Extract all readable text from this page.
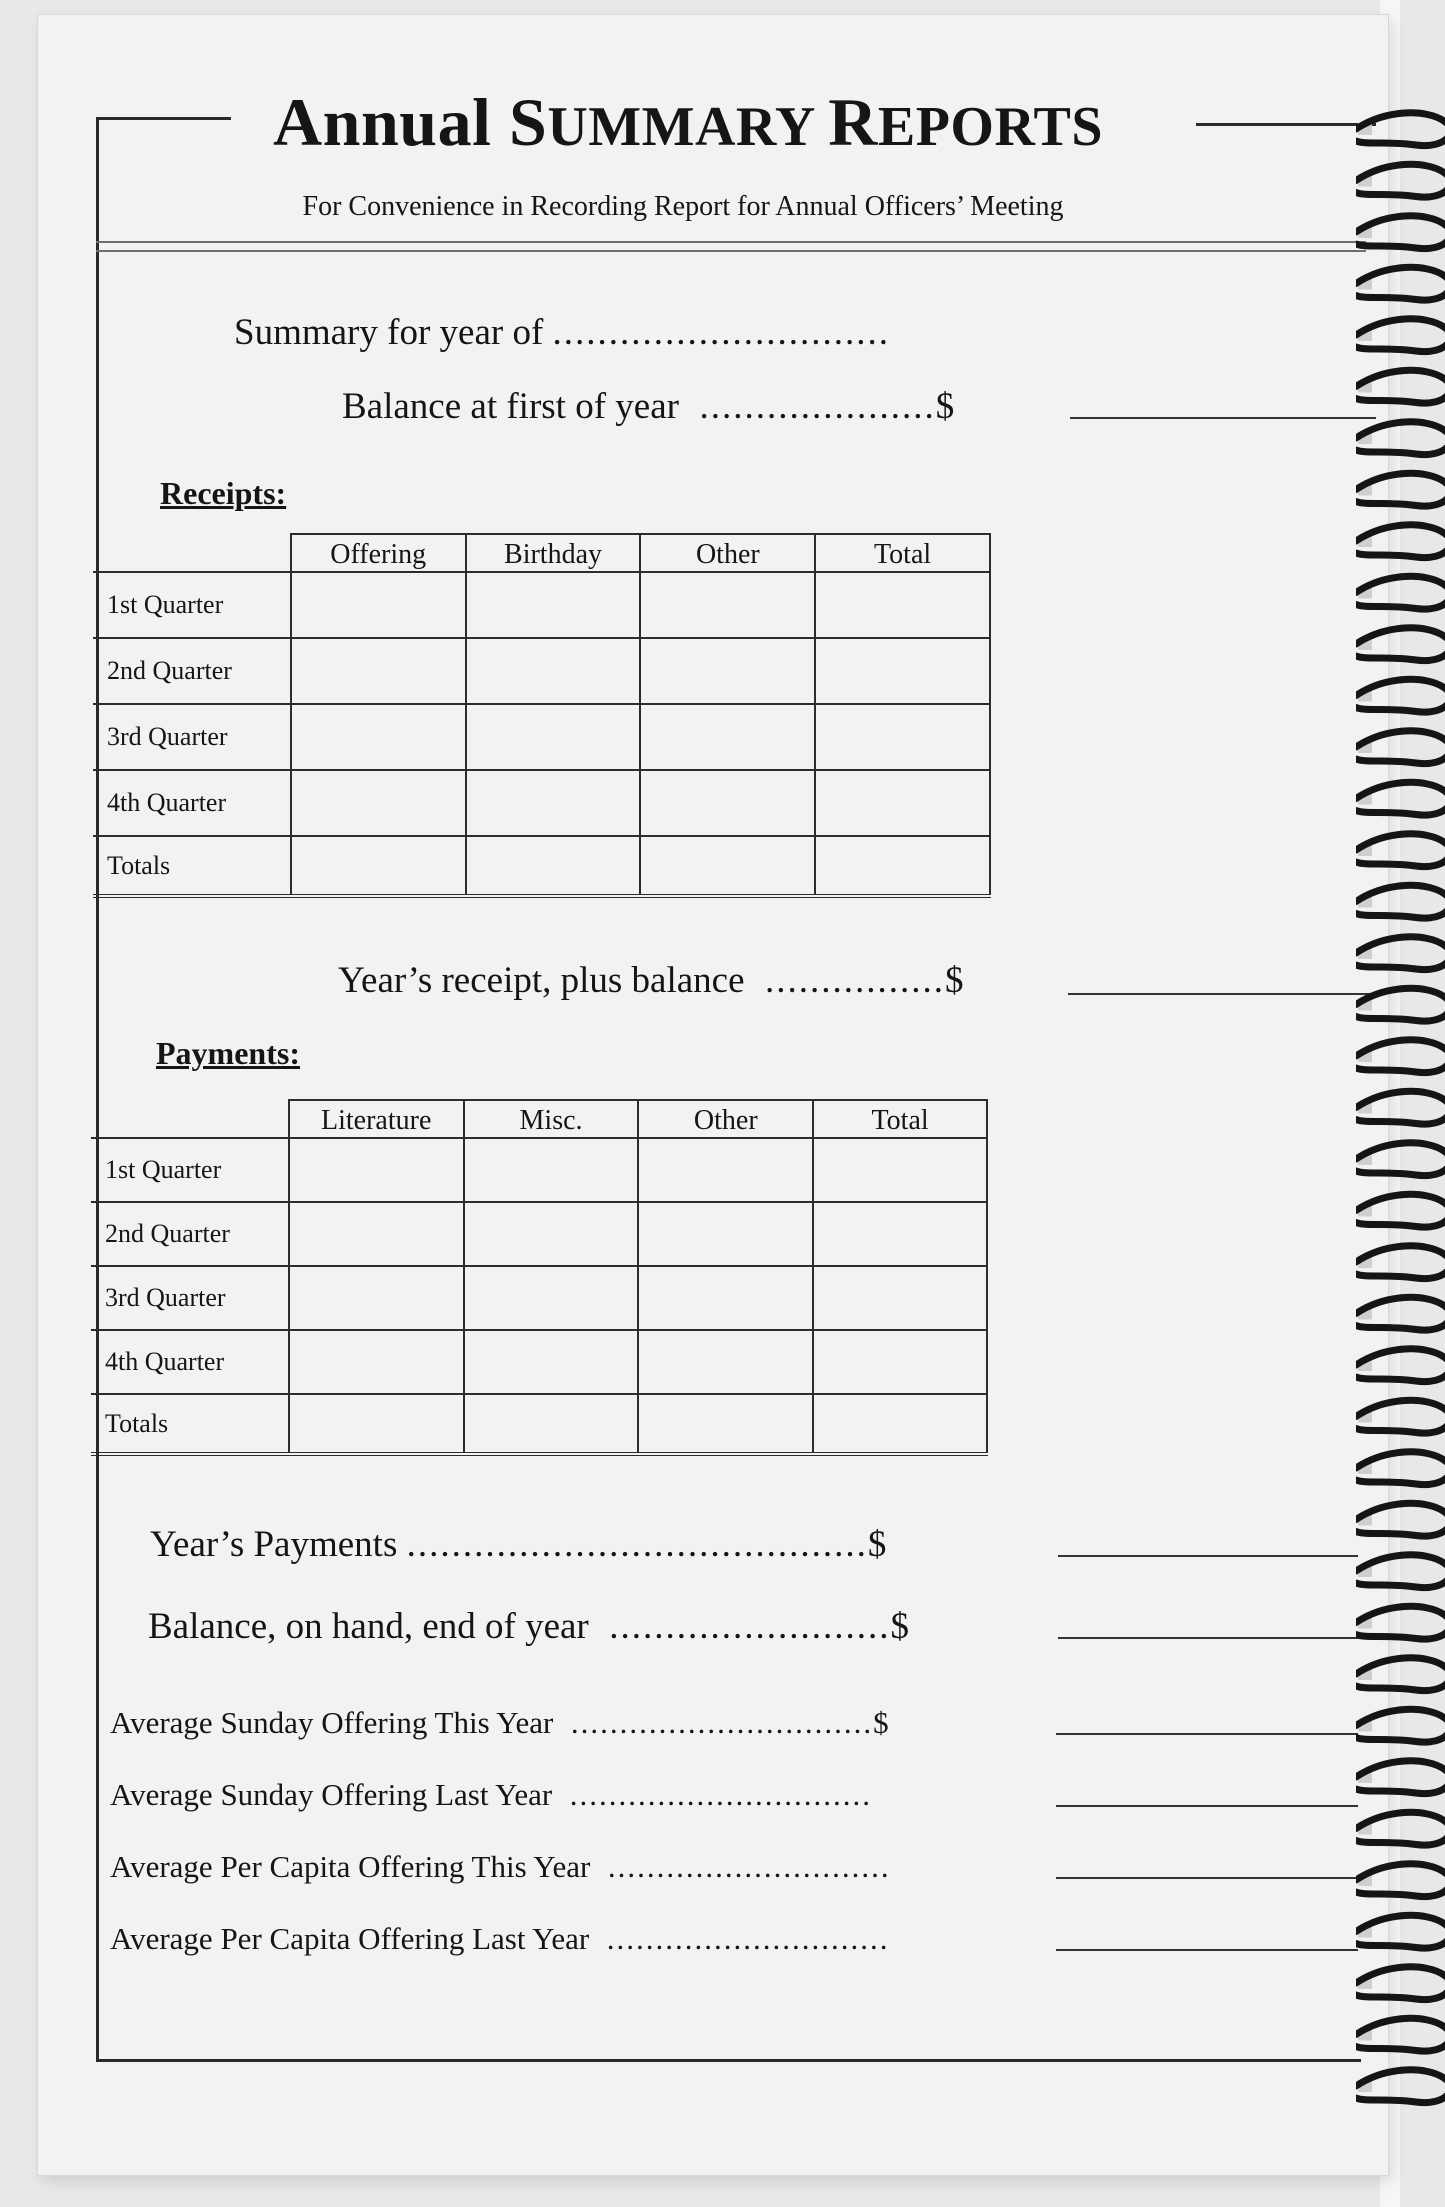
Annual SUMMARY REPORTS
For Convenience in Recording Report for Annual Officers’ Meeting
Summary for year of ..............................
Balance at first of year  .....................$
Receipts:
	Offering	Birthday	Other	Total
1st Quarter				
2nd Quarter				
3rd Quarter				
4th Quarter				
Totals				
Year’s receipt, plus balance  ................$
Payments:
	Literature	Misc.	Other	Total
1st Quarter				
2nd Quarter				
3rd Quarter				
4th Quarter				
Totals				
Year’s Payments .........................................$
Balance, on hand, end of year  .........................$
Average Sunday Offering This Year  ...............................$
Average Sunday Offering Last Year  ...............................
Average Per Capita Offering This Year  .............................
Average Per Capita Offering Last Year  .............................
